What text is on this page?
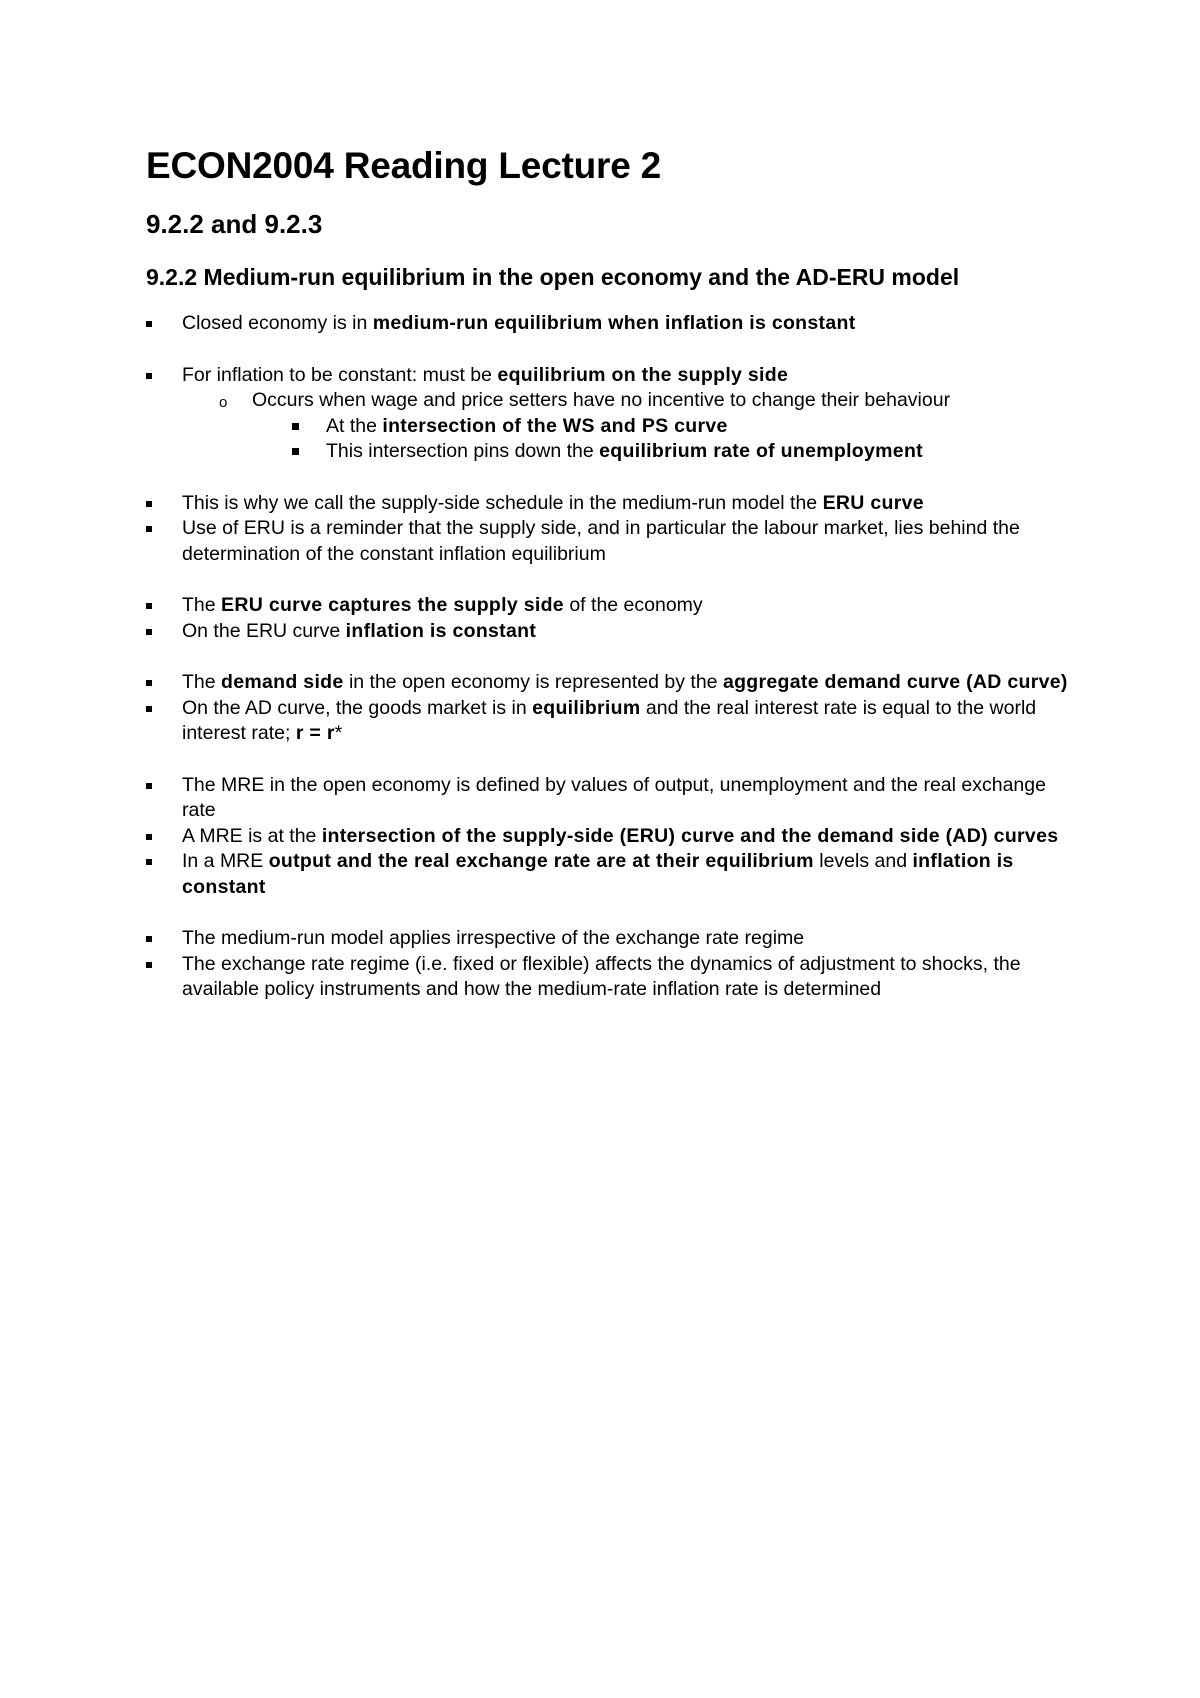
ECON2004 Reading Lecture 2
9.2.2 and 9.2.3
9.2.2 Medium-run equilibrium in the open economy and the AD-ERU model
Closed economy is in medium-run equilibrium when inflation is constant
For inflation to be constant: must be equilibrium on the supply side
o Occurs when wage and price setters have no incentive to change their behaviour
At the intersection of the WS and PS curve
This intersection pins down the equilibrium rate of unemployment
This is why we call the supply-side schedule in the medium-run model the ERU curve
Use of ERU is a reminder that the supply side, and in particular the labour market, lies behind the determination of the constant inflation equilibrium
The ERU curve captures the supply side of the economy
On the ERU curve inflation is constant
The demand side in the open economy is represented by the aggregate demand curve (AD curve)
On the AD curve, the goods market is in equilibrium and the real interest rate is equal to the world interest rate; r = r*
The MRE in the open economy is defined by values of output, unemployment and the real exchange rate
A MRE is at the intersection of the supply-side (ERU) curve and the demand side (AD) curves
In a MRE output and the real exchange rate are at their equilibrium levels and inflation is constant
The medium-run model applies irrespective of the exchange rate regime
The exchange rate regime (i.e. fixed or flexible) affects the dynamics of adjustment to shocks, the available policy instruments and how the medium-rate inflation rate is determined
